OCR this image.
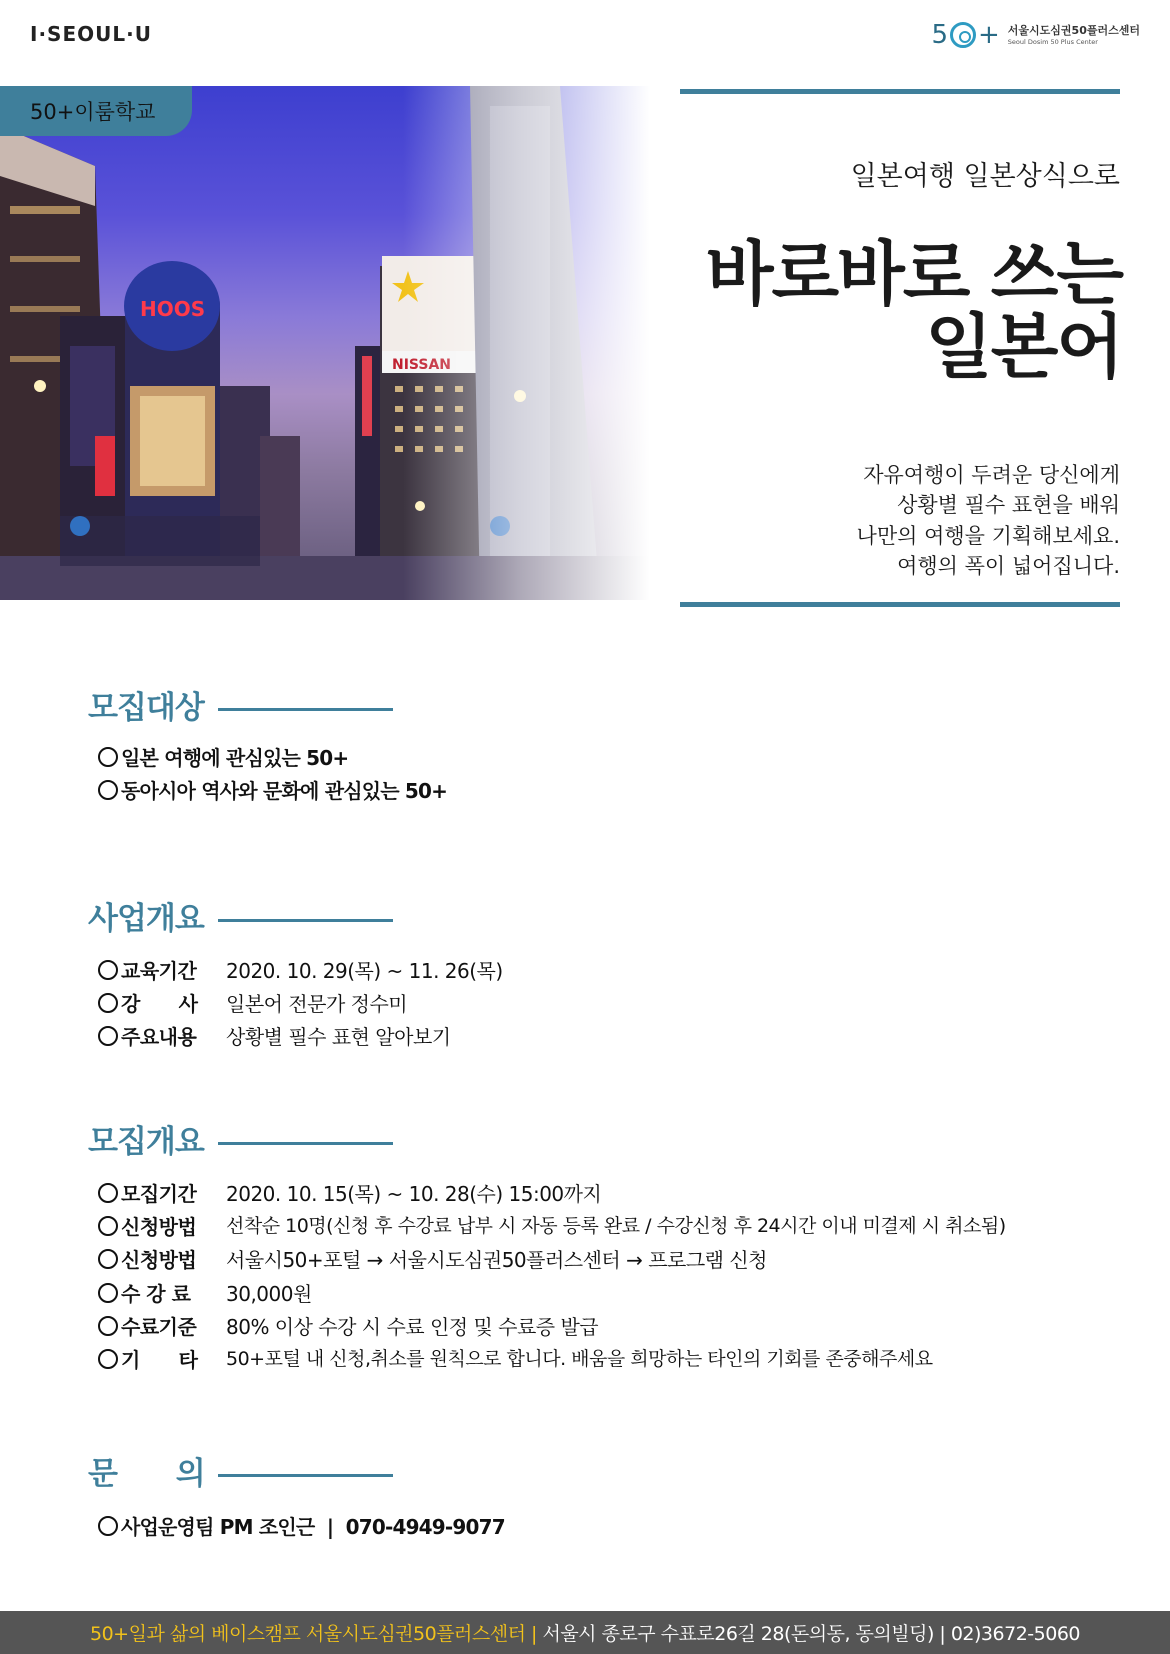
I·SEOUL·U	5 + 서울시도심권50플러스센터
Seoul Dosim 50 Plus Center
50+이룸학교
일본여행 일본상식으로
바로바로 쓰는
일본어
자유여행이 두려운 당신에게
상황별 필수 표현을 배워
나만의 여행을 기획해보세요.
여행의 폭이 넓어집니다.
모집대상
일본 여행에 관심있는 50+
동아시아 역사와 문화에 관심있는 50+
사업개요
교육기간 2020. 10. 29(목) ~ 11. 26(목)
강      사 일본어 전문가 정수미
주요내용 상황별 필수 표현 알아보기
모집개요
모집기간 2020. 10. 15(목) ~ 10. 28(수) 15:00까지
신청방법 선착순 10명(신청 후 수강료 납부 시 자동 등록 완료 / 수강신청 후 24시간 이내 미결제 시 취소됨)
신청방법 서울시50+포털 → 서울시도심권50플러스센터 → 프로그램 신청
수 강 료 30,000원
수료기준 80% 이상 수강 시 수료 인정 및 수료증 발급
기      타 50+포털 내 신청,취소를 원칙으로 합니다. 배움을 희망하는 타인의 기회를 존중해주세요
문      의
사업운영팀 PM 조인근  |  070-4949-9077
50+일과 삶의 베이스캠프 서울시도심권50플러스센터 | 서울시 종로구 수표로26길 28(돈의동, 동의빌딩) | 02)3672-5060
